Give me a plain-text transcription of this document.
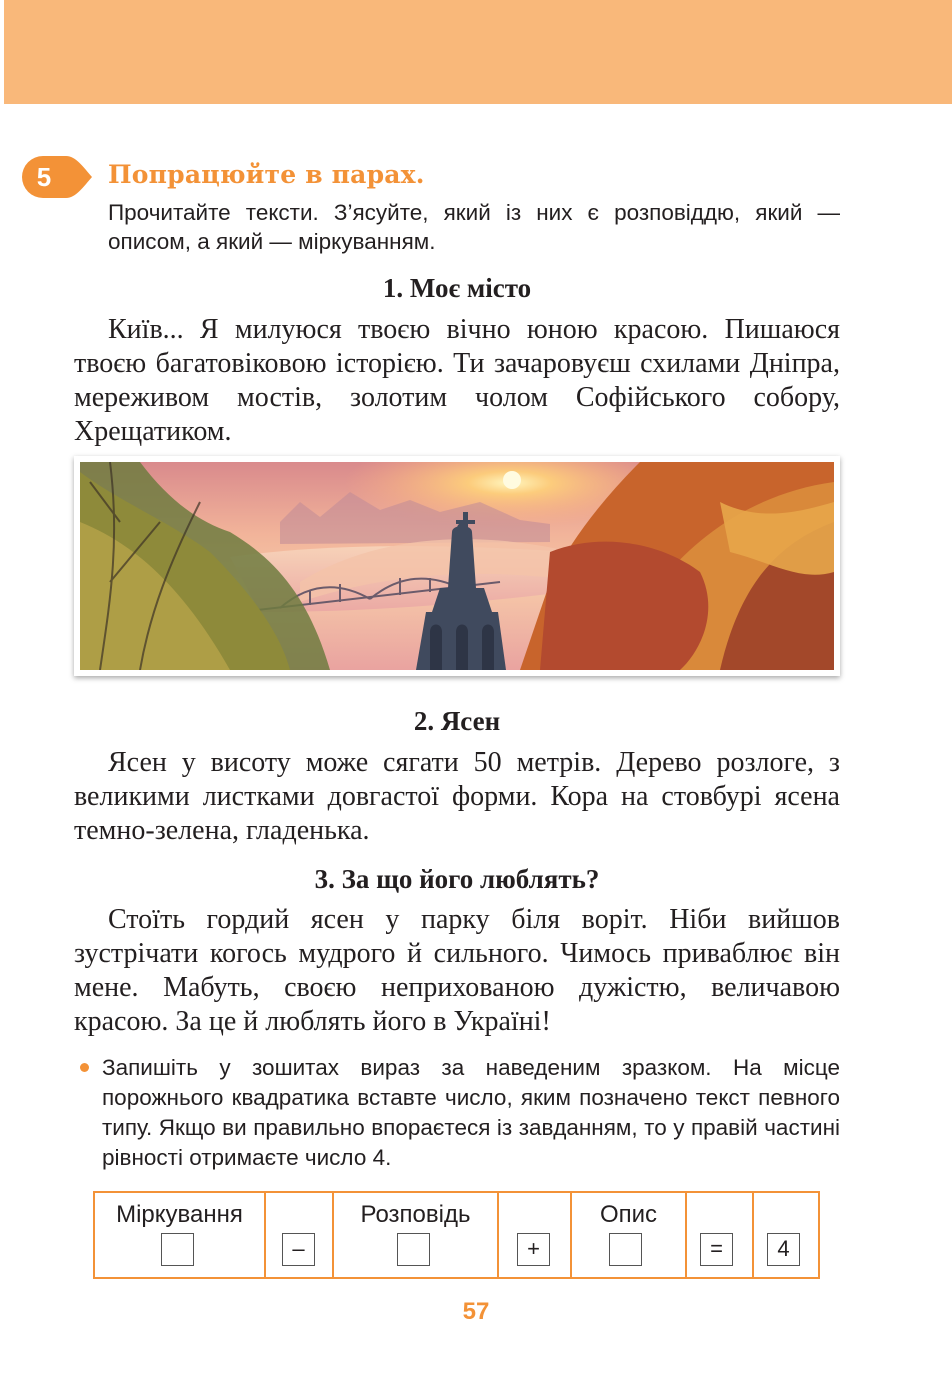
5	Попрацюйте в парах.
Прочитайте тексти. З’ясуйте, який із них є розповіддю, який — описом, а який — міркуванням.
1. Моє місто
Київ... Я милуюся твоєю вічно юною красою. Пишаюся твоєю багатовіковою історією. Ти зачаровуєш схилами Дніпра, мереживом мостів, золотим чолом Софійського собору, Хрещатиком.
2. Ясен
Ясен у висоту може сягати 50 метрів. Дерево розлоге, з великими листками довгастої форми. Кора на стовбурі ясена темно-зелена, гладенька.
3. За що його люблять?
Стоїть гордий ясен у парку біля воріт. Ніби вийшов зустрічати когось мудрого й сильного. Чимось приваблює він мене. Мабуть, своєю неприхованою дужістю, величавою красою. За це й люблять його в Україні!
Запишіть у зошитах вираз за наведеним зразком. На місце порожнього квадратика вставте число, яким позначено текст певного типу. Якщо ви правильно впораєтеся із завданням, то у правій частині рівності отримаєте число 4.
Міркування
–
Розповідь
+
Опис
=	4
57
